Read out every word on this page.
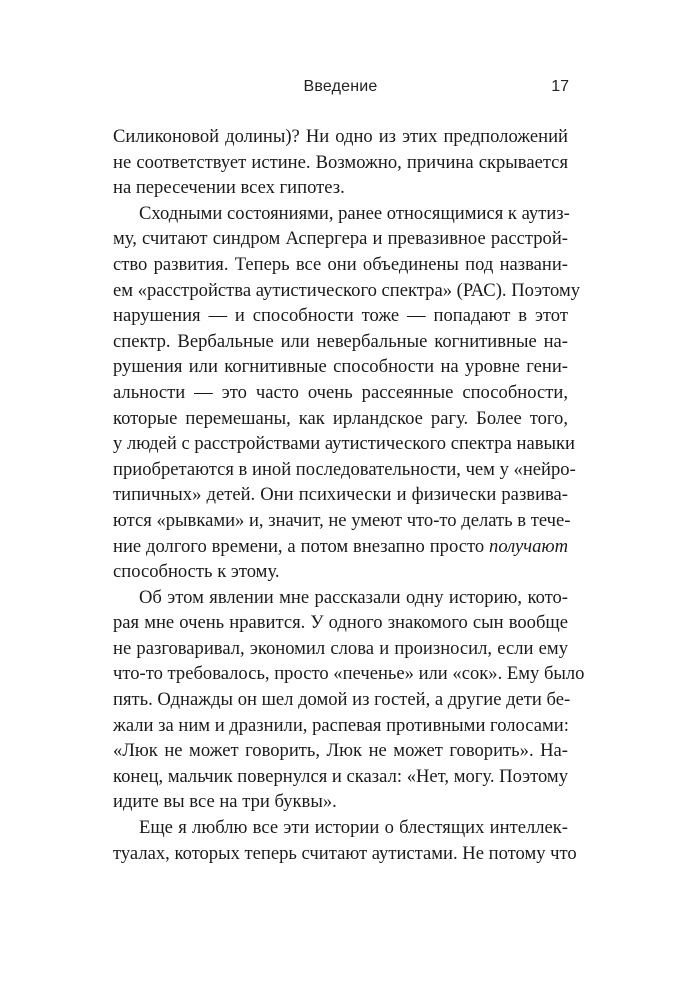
Введение	17

Силиконовой долины)? Ни одно из этих предположений
не соответствует истине. Возможно, причина скрывается
на пересечении всех гипотез.

Сходными состояниями, ранее относящимися к аутиз-
му, считают синдром Аспергера и превазивное расстрой-
ство развития. Теперь все они объединены под названи-
ем «расстройства аутистического спектра» (РАС). Поэтому
нарушения — и способности тоже — попадают в этот
спектр. Вербальные или невербальные когнитивные на-
рушения или когнитивные способности на уровне гени-
альности — это часто очень рассеянные способности,
которые перемешаны, как ирландское рагу. Более того,
у людей с расстройствами аутистического спектра навыки
приобретаются в иной последовательности, чем у «нейро-
типичных» детей. Они психически и физически развива-
ются «рывками» и, значит, не умеют что-то делать в тече-
ние долгого времени, а потом внезапно просто получают
способность к этому.

Об этом явлении мне рассказали одну историю, кото-
рая мне очень нравится. У одного знакомого сын вообще
не разговаривал, экономил слова и произносил, если ему
что-то требовалось, просто «печенье» или «сок». Ему было
пять. Однажды он шел домой из гостей, а другие дети бе-
жали за ним и дразнили, распевая противными голосами:
«Люк не может говорить, Люк не может говорить». На-
конец, мальчик повернулся и сказал: «Нет, могу. Поэтому
идите вы все на три буквы».

Еще я люблю все эти истории о блестящих интеллек-
туалах, которых теперь считают аутистами. Не потому что
